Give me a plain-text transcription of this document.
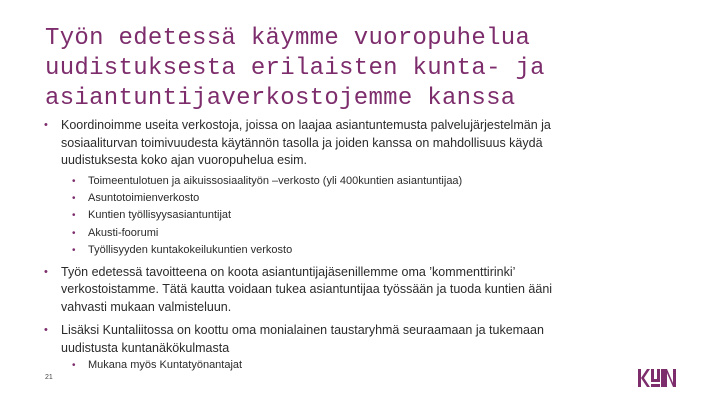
Työn edetessä käymme vuoropuhelua
uudistuksesta erilaisten kunta- ja
asiantuntijaverkostojemme kanssa
• Koordinoimme useita verkostoja, joissa on laajaa asiantuntemusta palvelujärjestelmän ja
sosiaaliturvan toimivuudesta käytännön tasolla ja joiden kanssa on mahdollisuus käydä
uudistuksesta koko ajan vuoropuhelua esim.
• Toimeentulotuen ja aikuissosiaalityön –verkosto (yli 400kuntien asiantuntijaa)
• Asuntotoimienverkosto
• Kuntien työllisyysasiantuntijat
• Akusti-foorumi
• Työllisyyden kuntakokeilukuntien verkosto
• Työn edetessä tavoitteena on koota asiantuntijajäsenillemme oma ’kommenttirinki’
verkostoistamme. Tätä kautta voidaan tukea asiantuntijaa työssään ja tuoda kuntien ääni
vahvasti mukaan valmisteluun.
• Lisäksi Kuntaliitossa on koottu oma monialainen taustaryhmä seuraamaan ja tukemaan
uudistusta kuntanäkökulmasta
• Mukana myös Kuntatyönantajat
21
